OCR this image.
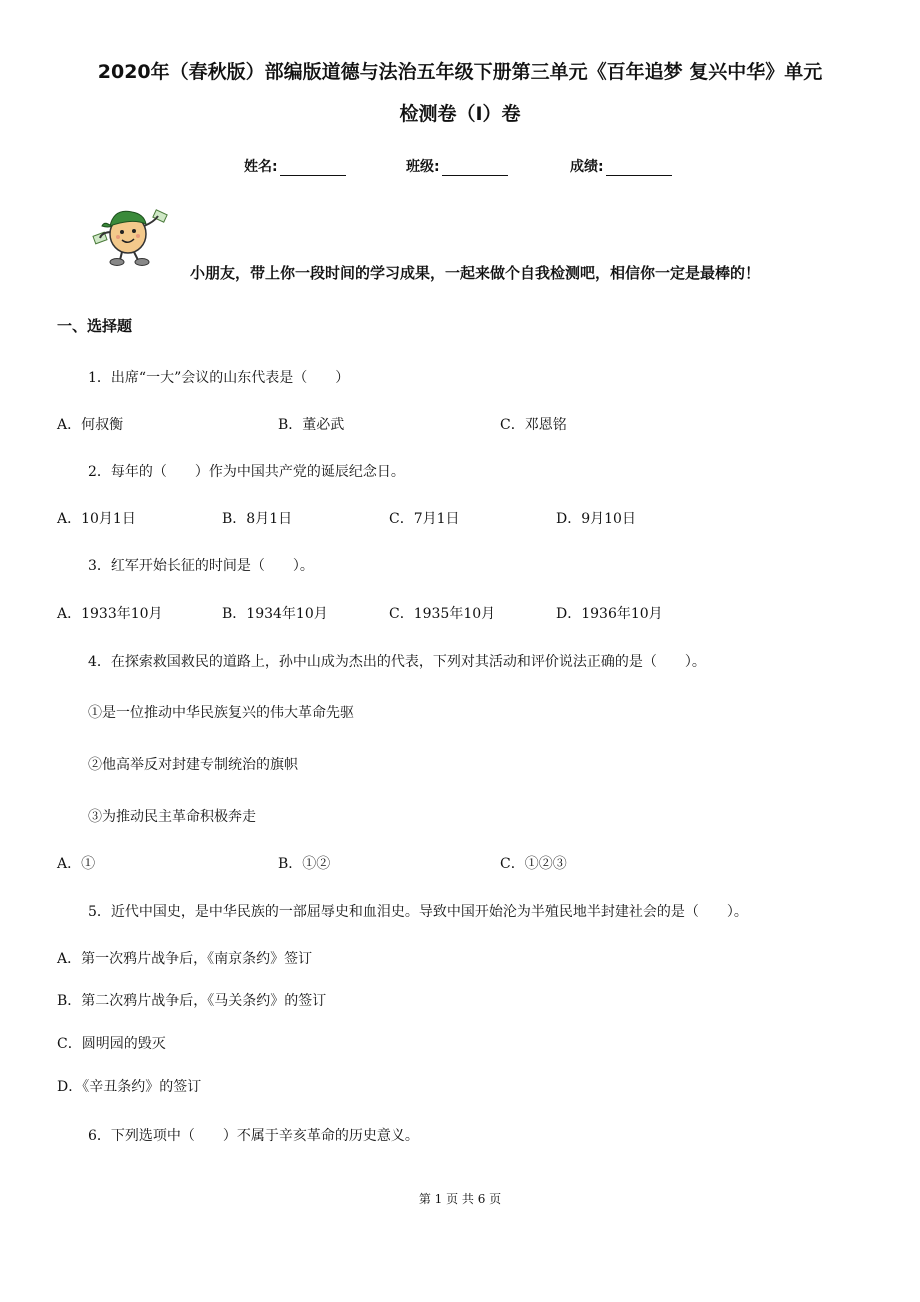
2020年（春秋版）部编版道德与法治五年级下册第三单元《百年追梦 复兴中华》单元
检测卷（I）卷
姓名:	班级:	成绩:
小朋友，带上你一段时间的学习成果，一起来做个自我检测吧，相信你一定是最棒的！
一、选择题
1．出席“一大”会议的山东代表是（　　）
A．何叔衡	B．董必武	C．邓恩铭
2．每年的（　　）作为中国共产党的诞辰纪念日。
A．10月1日	B．8月1日	C．7月1日	D．9月10日
3．红军开始长征的时间是（　　）。
A．1933年10月	B．1934年10月	C．1935年10月	D．1936年10月
4．在探索救国救民的道路上，孙中山成为杰出的代表，下列对其活动和评价说法正确的是（　　）。
①是一位推动中华民族复兴的伟大革命先驱
②他高举反对封建专制统治的旗帜
③为推动民主革命积极奔走
A．①	B．①②	C．①②③
5．近代中国史，是中华民族的一部屈辱史和血泪史。导致中国开始沦为半殖民地半封建社会的是（　　）。
A．第一次鸦片战争后，《南京条约》签订
B．第二次鸦片战争后，《马关条约》的签订
C．圆明园的毁灭
D．《辛丑条约》的签订
6．下列选项中（　　）不属于辛亥革命的历史意义。
第 1 页 共 6 页
